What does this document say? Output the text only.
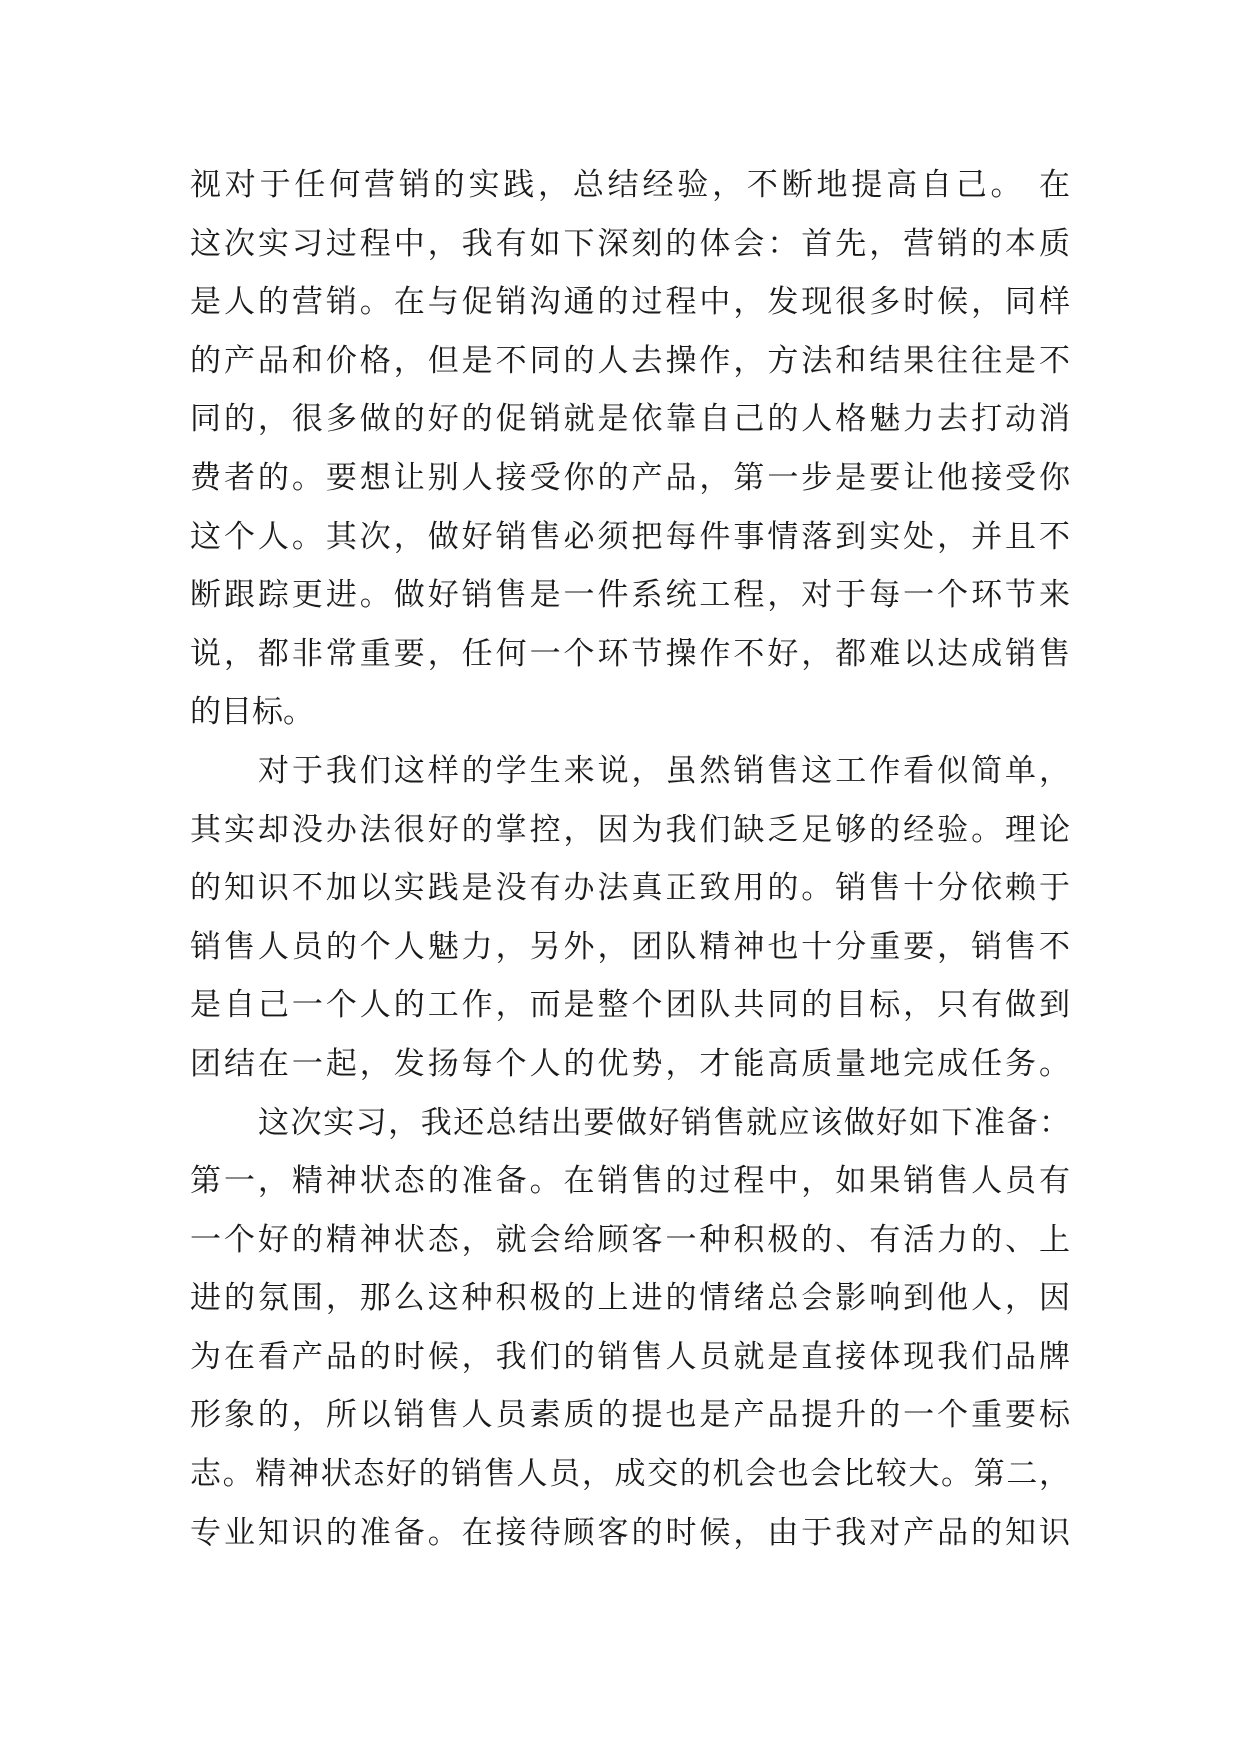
视对于任何营销的实践，总结经验，不断地提高自己。 在
这次实习过程中，我有如下深刻的体会：首先，营销的本质
是人的营销。在与促销沟通的过程中，发现很多时候，同样
的产品和价格，但是不同的人去操作，方法和结果往往是不
同的，很多做的好的促销就是依靠自己的人格魅力去打动消
费者的。要想让别人接受你的产品，第一步是要让他接受你
这个人。其次，做好销售必须把每件事情落到实处，并且不
断跟踪更进。做好销售是一件系统工程，对于每一个环节来
说，都非常重要，任何一个环节操作不好，都难以达成销售
的目标。
对于我们这样的学生来说，虽然销售这工作看似简单，
其实却没办法很好的掌控，因为我们缺乏足够的经验。理论
的知识不加以实践是没有办法真正致用的。销售十分依赖于
销售人员的个人魅力，另外，团队精神也十分重要，销售不
是自己一个人的工作，而是整个团队共同的目标，只有做到
团结在一起，发扬每个人的优势，才能高质量地完成任务。
这次实习，我还总结出要做好销售就应该做好如下准备：
第一，精神状态的准备。在销售的过程中，如果销售人员有
一个好的精神状态，就会给顾客一种积极的、有活力的、上
进的氛围，那么这种积极的上进的情绪总会影响到他人，因
为在看产品的时候，我们的销售人员就是直接体现我们品牌
形象的，所以销售人员素质的提也是产品提升的一个重要标
志。精神状态好的销售人员，成交的机会也会比较大。第二，
专业知识的准备。在接待顾客的时候，由于我对产品的知识
